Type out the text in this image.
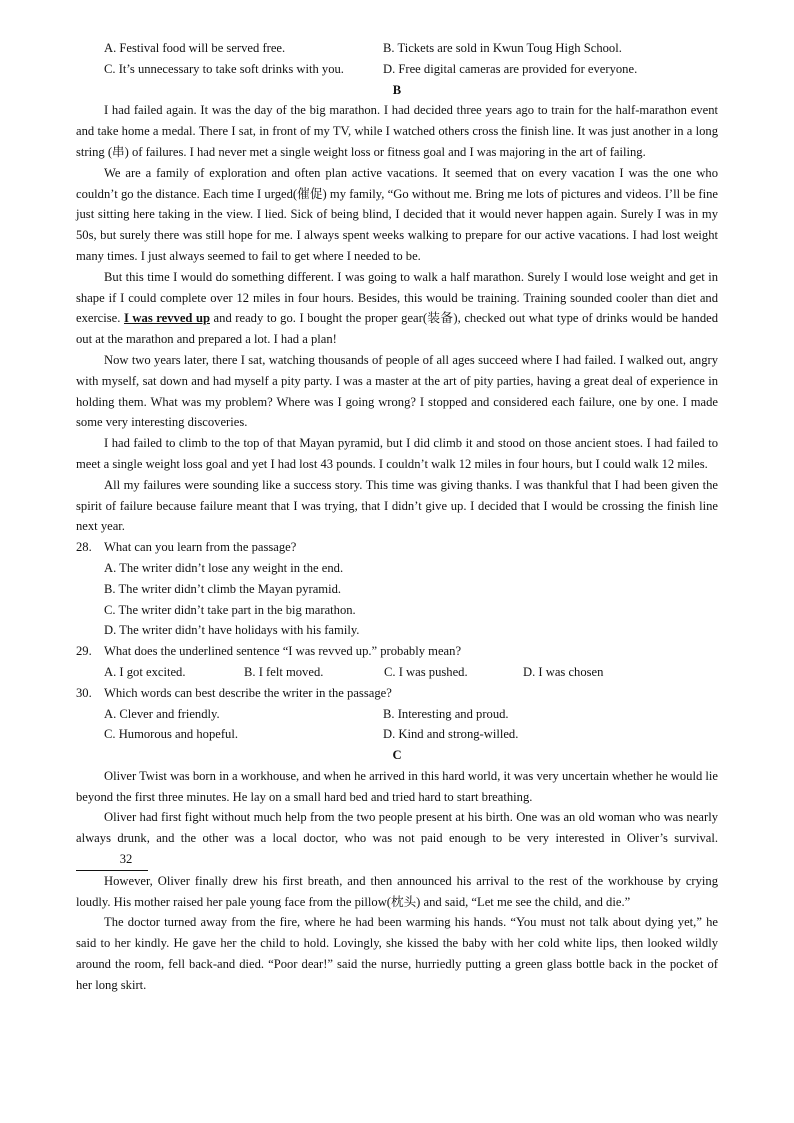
A. Festival food will be served free.	B. Tickets are sold in Kwun Toug High School.
C. It’s unnecessary to take soft drinks with you.	D. Free digital cameras are provided for everyone.
B

I had failed again. It was the day of the big marathon. I had decided three years ago to train for the half-marathon event and take home a medal. There I sat, in front of my TV, while I watched others cross the finish line. It was just another in a long string (串) of failures. I had never met a single weight loss or fitness goal and I was majoring in the art of failing.

We are a family of exploration and often plan active vacations. It seemed that on every vacation I was the one who couldn’t go the distance. Each time I urged(催促) my family, “Go without me. Bring me lots of pictures and videos. I’ll be fine just sitting here taking in the view. I lied. Sick of being blind, I decided that it would never happen again. Surely I was in my 50s, but surely there was still hope for me. I always spent weeks walking to prepare for our active vacations. I had lost weight many times. I just always seemed to fail to get where I needed to be.

But this time I would do something different. I was going to walk a half marathon. Surely I would lose weight and get in shape if I could complete over 12 miles in four hours. Besides, this would be training. Training sounded cooler than diet and exercise. I was revved up and ready to go. I bought the proper gear(装备), checked out what type of drinks would be handed out at the marathon and prepared a lot. I had a plan!

Now two years later, there I sat, watching thousands of people of all ages succeed where I had failed. I walked out, angry with myself, sat down and had myself a pity party. I was a master at the art of pity parties, having a great deal of experience in holding them. What was my problem? Where was I going wrong? I stopped and considered each failure, one by one. I made some very interesting discoveries.

I had failed to climb to the top of that Mayan pyramid, but I did climb it and stood on those ancient stoes. I had failed to meet a single weight loss goal and yet I had lost 43 pounds. I couldn’t walk 12 miles in four hours, but I could walk 12 miles.

All my failures were sounding like a success story. This time was giving thanks. I was thankful that I had been given the spirit of failure because failure meant that I was trying, that I didn’t give up. I decided that I would be crossing the finish line next year.

28. What can you learn from the passage?
A. The writer didn’t lose any weight in the end.
B. The writer didn’t climb the Mayan pyramid.
C. The writer didn’t take part in the big marathon.
D. The writer didn’t have holidays with his family.
29. What does the underlined sentence “I was revved up.” probably mean?
A. I got excited.	B. I felt moved.	C. I was pushed.	D. I was chosen
30. Which words can best describe the writer in the passage?
A. Clever and friendly.	B. Interesting and proud.
C. Humorous and hopeful.	D. Kind and strong-willed.
C

Oliver Twist was born in a workhouse, and when he arrived in this hard world, it was very uncertain whether he would lie beyond the first three minutes. He lay on a small hard bed and tried hard to start breathing.

Oliver had first fight without much help from the two people present at his birth. One was an old woman who was nearly always drunk, and the other was a local doctor, who was not paid enough to be very interested in Oliver’s survival.      32

However, Oliver finally drew his first breath, and then announced his arrival to the rest of the workhouse by crying loudly. His mother raised her pale young face from the pillow(枕头) and said, “Let me see the child, and die.”

The doctor turned away from the fire, where he had been warming his hands. “You must not talk about dying yet,” he said to her kindly. He gave her the child to hold. Lovingly, she kissed the baby with her cold white lips, then looked wildly around the room, fell back-and died. “Poor dear!” said the nurse, hurriedly putting a green glass bottle back in the pocket of her long skirt.
